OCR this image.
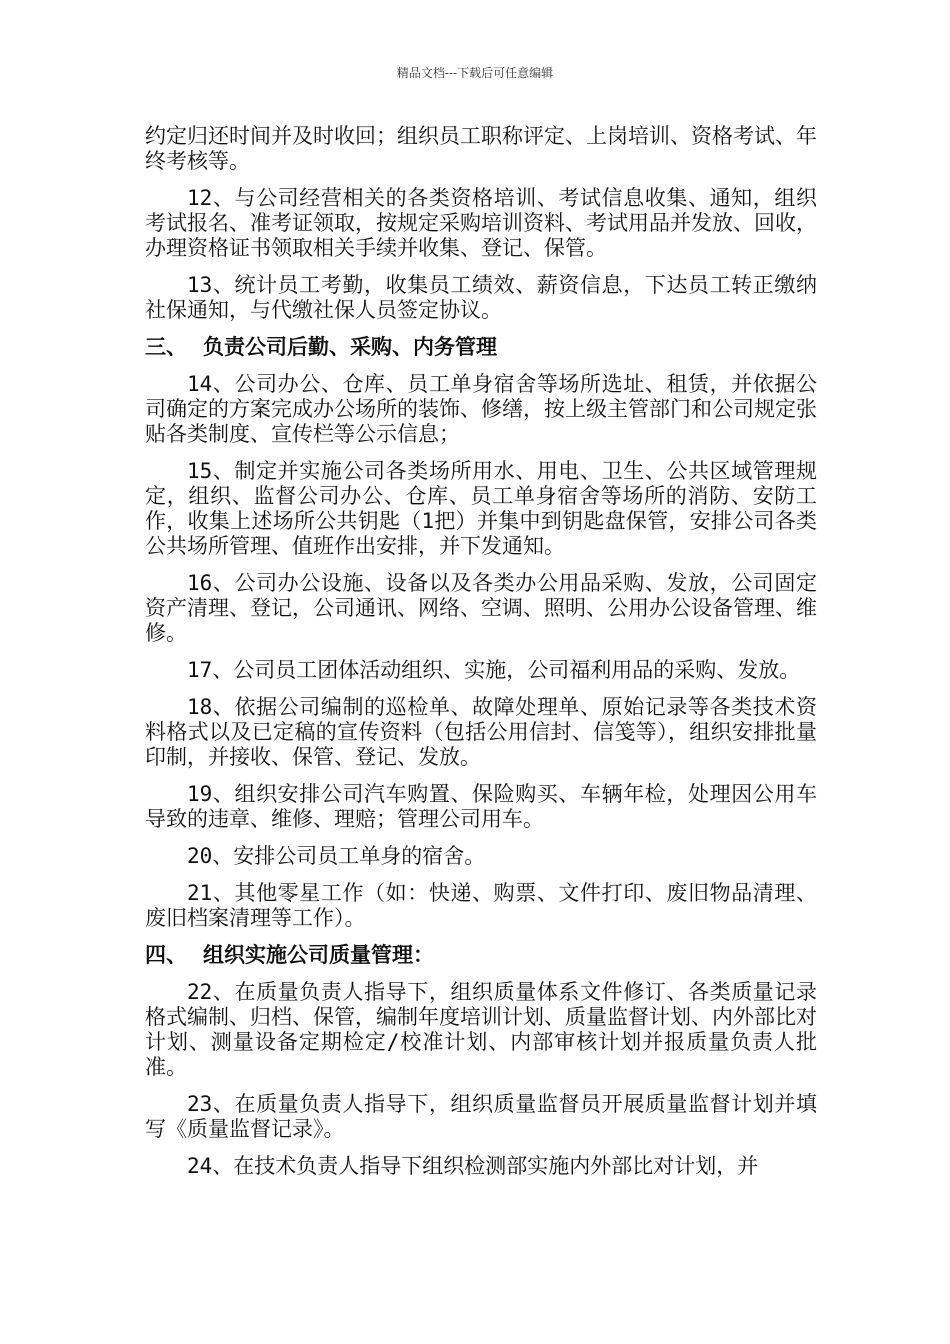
精品文档---下载后可任意编辑
约定归还时间并及时收回；组织员工职称评定、上岗培训、资格考试、年终考核等。
12、与公司经营相关的各类资格培训、考试信息收集、通知，组织考试报名、准考证领取，按规定采购培训资料、考试用品并发放、回收，办理资格证书领取相关手续并收集、登记、保管。
13、统计员工考勤，收集员工绩效、薪资信息，下达员工转正缴纳社保通知，与代缴社保人员签定协议。
三、 负责公司后勤、采购、内务管理
14、公司办公、仓库、员工单身宿舍等场所选址、租赁，并依据公司确定的方案完成办公场所的装饰、修缮，按上级主管部门和公司规定张贴各类制度、宣传栏等公示信息；
15、制定并实施公司各类场所用水、用电、卫生、公共区域管理规定，组织、监督公司办公、仓库、员工单身宿舍等场所的消防、安防工作，收集上述场所公共钥匙（1把）并集中到钥匙盘保管，安排公司各类公共场所管理、值班作出安排，并下发通知。
16、公司办公设施、设备以及各类办公用品采购、发放，公司固定资产清理、登记，公司通讯、网络、空调、照明、公用办公设备管理、维修。
17、公司员工团体活动组织、实施，公司福利用品的采购、发放。
18、依据公司编制的巡检单、故障处理单、原始记录等各类技术资料格式以及已定稿的宣传资料（包括公用信封、信笺等），组织安排批量印制，并接收、保管、登记、发放。
19、组织安排公司汽车购置、保险购买、车辆年检，处理因公用车导致的违章、维修、理赔；管理公司用车。
20、安排公司员工单身的宿舍。
21、其他零星工作（如：快递、购票、文件打印、废旧物品清理、废旧档案清理等工作）。
四、 组织实施公司质量管理：
22、在质量负责人指导下，组织质量体系文件修订、各类质量记录格式编制、归档、保管，编制年度培训计划、质量监督计划、内外部比对计划、测量设备定期检定/校准计划、内部审核计划并报质量负责人批准。
23、在质量负责人指导下，组织质量监督员开展质量监督计划并填写《质量监督记录》。
24、在技术负责人指导下组织检测部实施内外部比对计划，并
